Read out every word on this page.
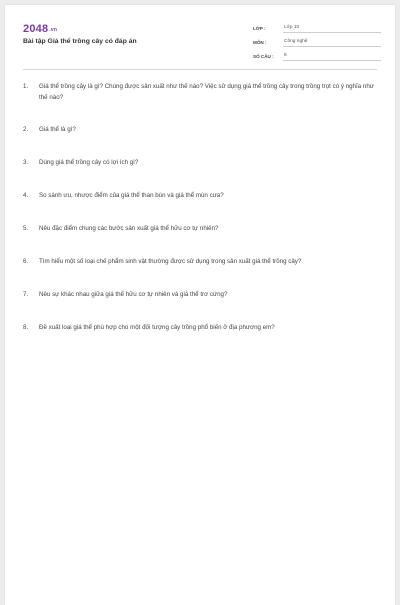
2048.vn
Bài tập Giá thể trồng cây có đáp án
LỚP :	Lớp 10
MÔN :	Công nghệ
SỐ CÂU :	8
1.	Giá thể trồng cây là gì? Chúng được sản xuất như thế nào? Việc sử dụng giá thể trồng cây trong trồng trọt có ý nghĩa như thế nào?
2.	Giá thể là gì?
3.	Dùng giá thể trồng cây có lợi ích gì?
4.	So sánh ưu, nhược điểm của giá thể than bùn và giá thể mùn cưa?
5.	Nêu đặc điểm chung các bước sản xuất giá thể hữu cơ tự nhiên?
6.	Tìm hiểu một số loại chế phẩm sinh vật thường được sử dụng trong sản xuất giá thể trồng cây?
7.	Nêu sự khác nhau giữa giá thể hữu cơ tự nhiên và giá thể trơ cứng?
8.	Đề xuất loại giá thể phù hợp cho một đối tượng cây trồng phổ biến ở địa phương em?
